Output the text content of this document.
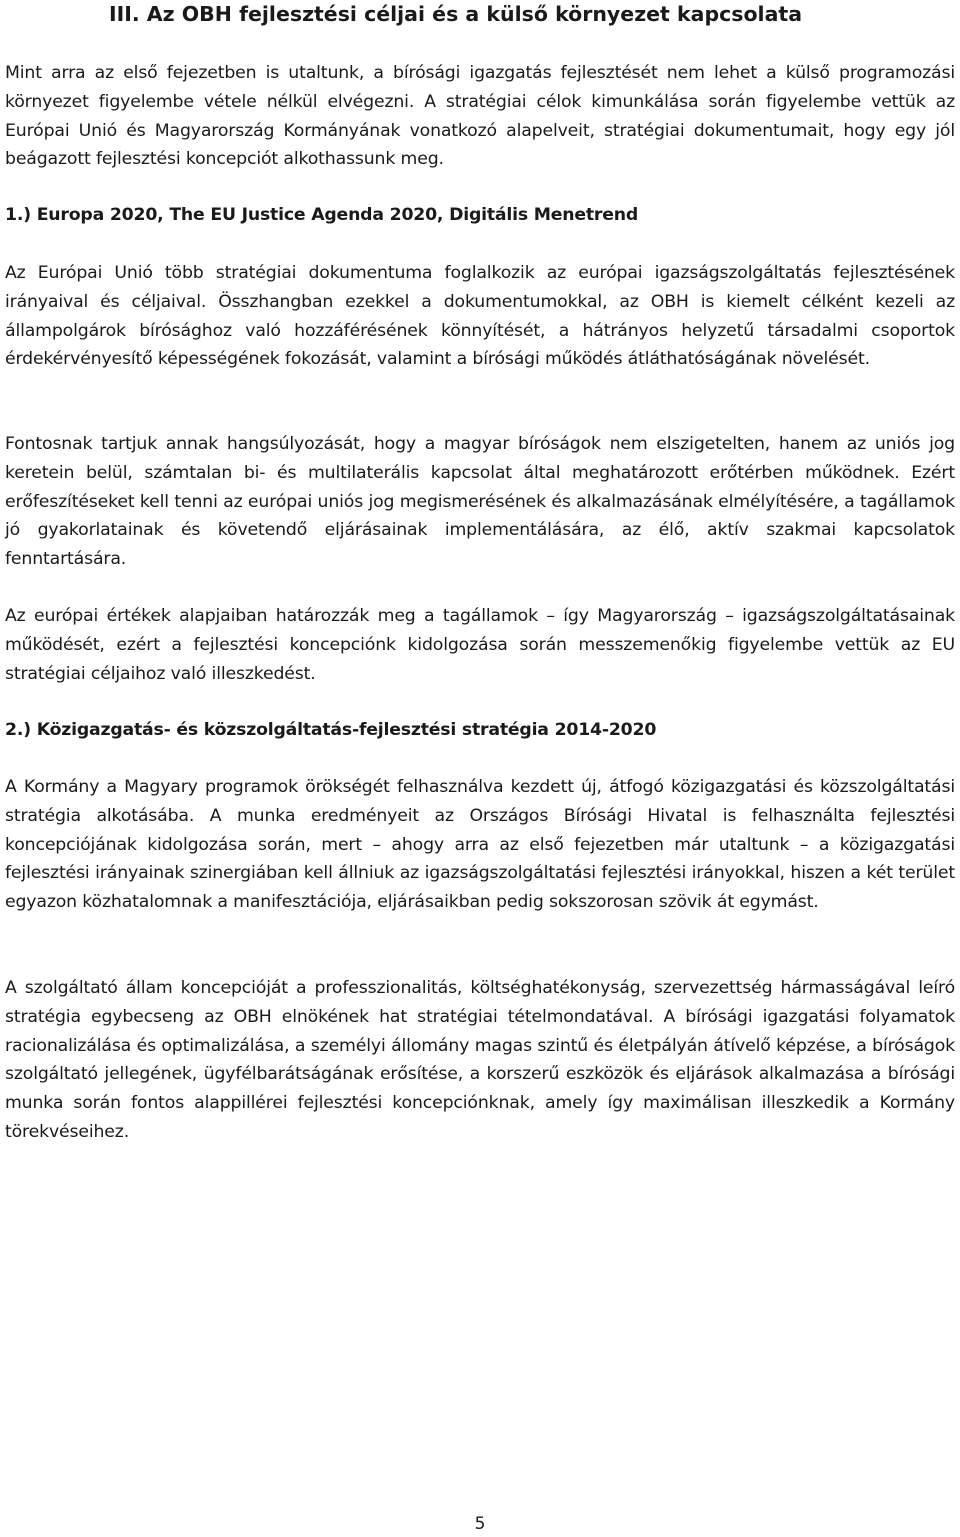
III. Az OBH fejlesztési céljai és a külső környezet kapcsolata

Mint arra az első fejezetben is utaltunk, a bírósági igazgatás fejlesztését nem lehet a külső programozási környezet figyelembe vétele nélkül elvégezni. A stratégiai célok kimunkálása során figyelembe vettük az Európai Unió és Magyarország Kormányának vonatkozó alapelveit, stratégiai dokumentumait, hogy egy jól beágazott fejlesztési koncepciót alkothassunk meg.

1.) Europa 2020, The EU Justice Agenda 2020, Digitális Menetrend

Az Európai Unió több stratégiai dokumentuma foglalkozik az európai igazságszolgáltatás fejlesztésének irányaival és céljaival. Összhangban ezekkel a dokumentumokkal, az OBH is kiemelt célként kezeli az állampolgárok bírósághoz való hozzáférésének könnyítését, a hátrányos helyzetű társadalmi csoportok érdekérvényesítő képességének fokozását, valamint a bírósági működés átláthatóságának növelését.

Fontosnak tartjuk annak hangsúlyozását, hogy a magyar bíróságok nem elszigetelten, hanem az uniós jog keretein belül, számtalan bi- és multilaterális kapcsolat által meghatározott erőtérben működnek. Ezért erőfeszítéseket kell tenni az európai uniós jog megismerésének és alkalmazásának elmélyítésére, a tagállamok jó gyakorlatainak és követendő eljárásainak implementálására, az élő, aktív szakmai kapcsolatok fenntartására.

Az európai értékek alapjaiban határozzák meg a tagállamok – így Magyarország – igazságszolgáltatásainak működését, ezért a fejlesztési koncepciónk kidolgozása során messzemenőkig figyelembe vettük az EU stratégiai céljaihoz való illeszkedést.

2.) Közigazgatás- és közszolgáltatás-fejlesztési stratégia 2014-2020

A Kormány a Magyary programok örökségét felhasználva kezdett új, átfogó közigazgatási és közszolgáltatási stratégia alkotásába. A munka eredményeit az Országos Bírósági Hivatal is felhasználta fejlesztési koncepciójának kidolgozása során, mert – ahogy arra az első fejezetben már utaltunk – a közigazgatási fejlesztési irányainak szinergiában kell állniuk az igazságszolgáltatási fejlesztési irányokkal, hiszen a két terület egyazon közhatalomnak a manifesztációja, eljárásaikban pedig sokszorosan szövik át egymást.

A szolgáltató állam koncepcióját a professzionalitás, költséghatékonyság, szervezettség hármasságával leíró stratégia egybecseng az OBH elnökének hat stratégiai tételmondatával. A bírósági igazgatási folyamatok racionalizálása és optimalizálása, a személyi állomány magas szintű és életpályán átívelő képzése, a bíróságok szolgáltató jellegének, ügyfélbarátságának erősítése, a korszerű eszközök és eljárások alkalmazása a bírósági munka során fontos alappillérei fejlesztési koncepciónknak, amely így maximálisan illeszkedik a Kormány törekvéseihez.

5
